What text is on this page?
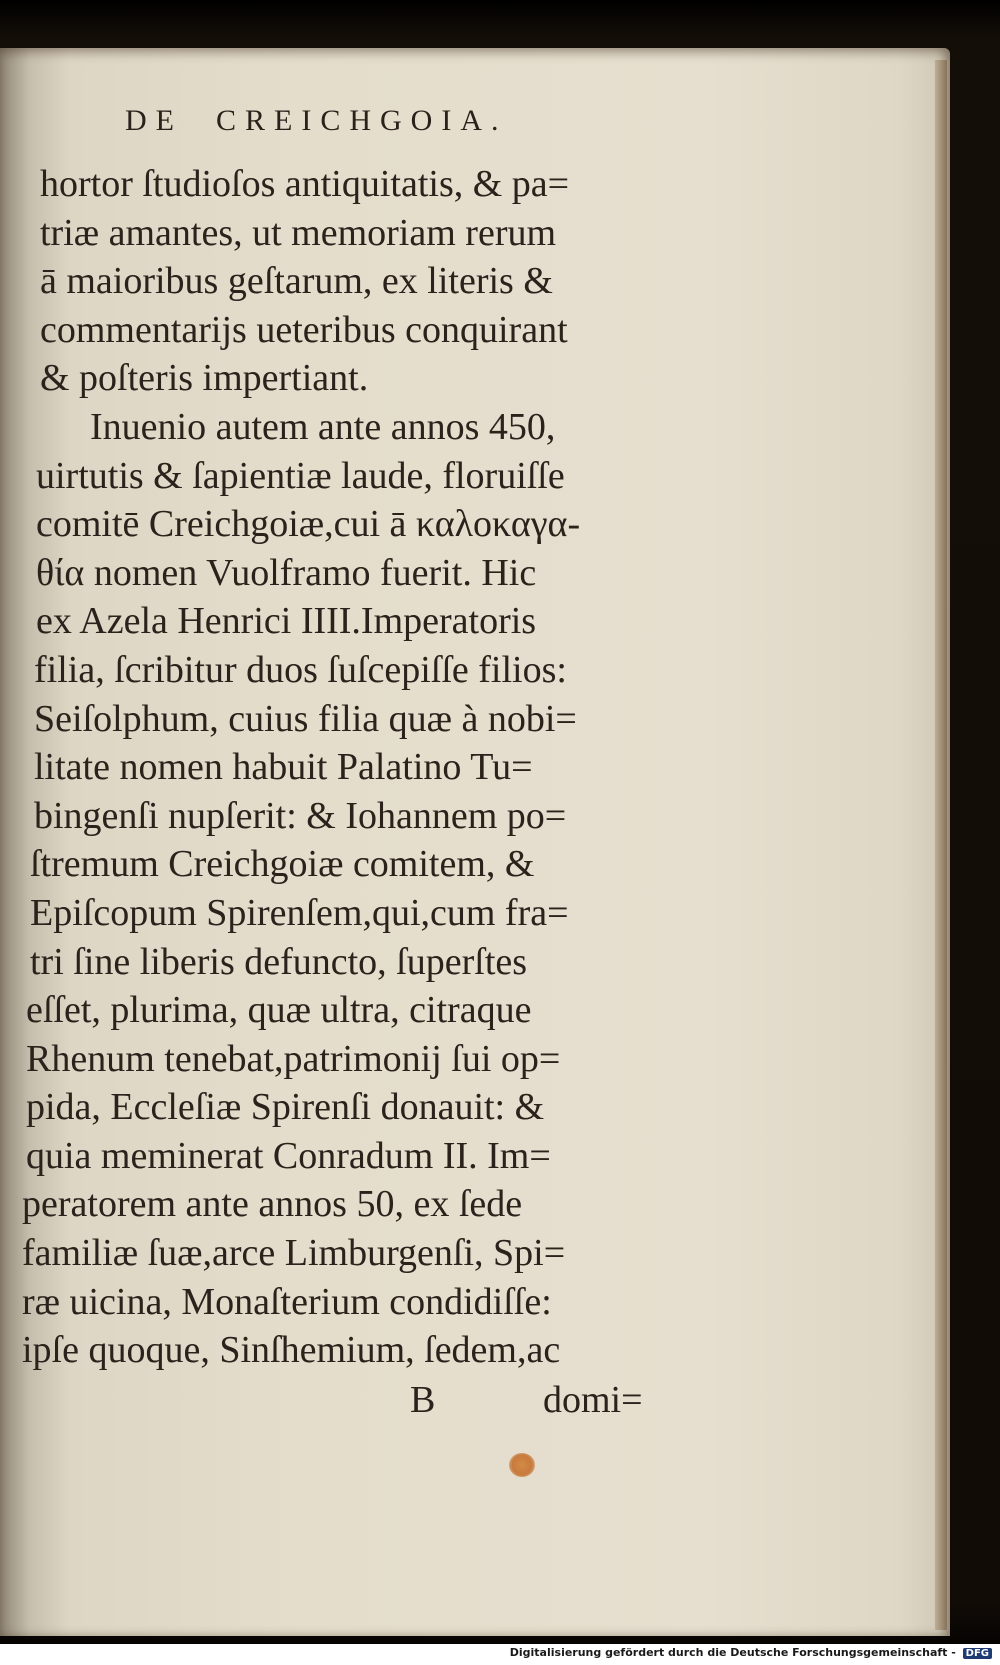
DE  CREICHGOIA.
hortor ſtudioſos antiquitatis, & pa=
triæ amantes, ut memoriam rerum
ā maioribus geſtarum, ex literis &
commentarijs ueteribus conquirant
& poſteris impertiant.
Inuenio autem ante annos 450,
uirtutis & ſapientiæ laude, floruiſſe
comitē Creichgoiæ,cui ā καλοκαγα-
θία nomen Vuolframo fuerit. Hic
ex Azela Henrici IIII.Imperatoris
filia, ſcribitur duos ſuſcepiſſe filios:
Seiſolphum, cuius filia quæ à nobi=
litate nomen habuit Palatino Tu=
bingenſi nupſerit: & Iohannem po=
ſtremum Creichgoiæ comitem, &
Epiſcopum Spirenſem,qui,cum fra=
tri ſine liberis defuncto, ſuperſtes
eſſet, plurima, quæ ultra, citraque
Rhenum tenebat,patrimonij ſui op=
pida, Eccleſiæ Spirenſi donauit: &
quia meminerat Conradum II. Im=
peratorem ante annos 50, ex ſede
familiæ ſuæ,arce Limburgenſi, Spi=
ræ uicina, Monaſterium condidiſſe:
ipſe quoque, Sinſhemium, ſedem,ac
B	domi=
Digitalisierung gefördert durch die Deutsche Forschungsgemeinschaft - DFG
